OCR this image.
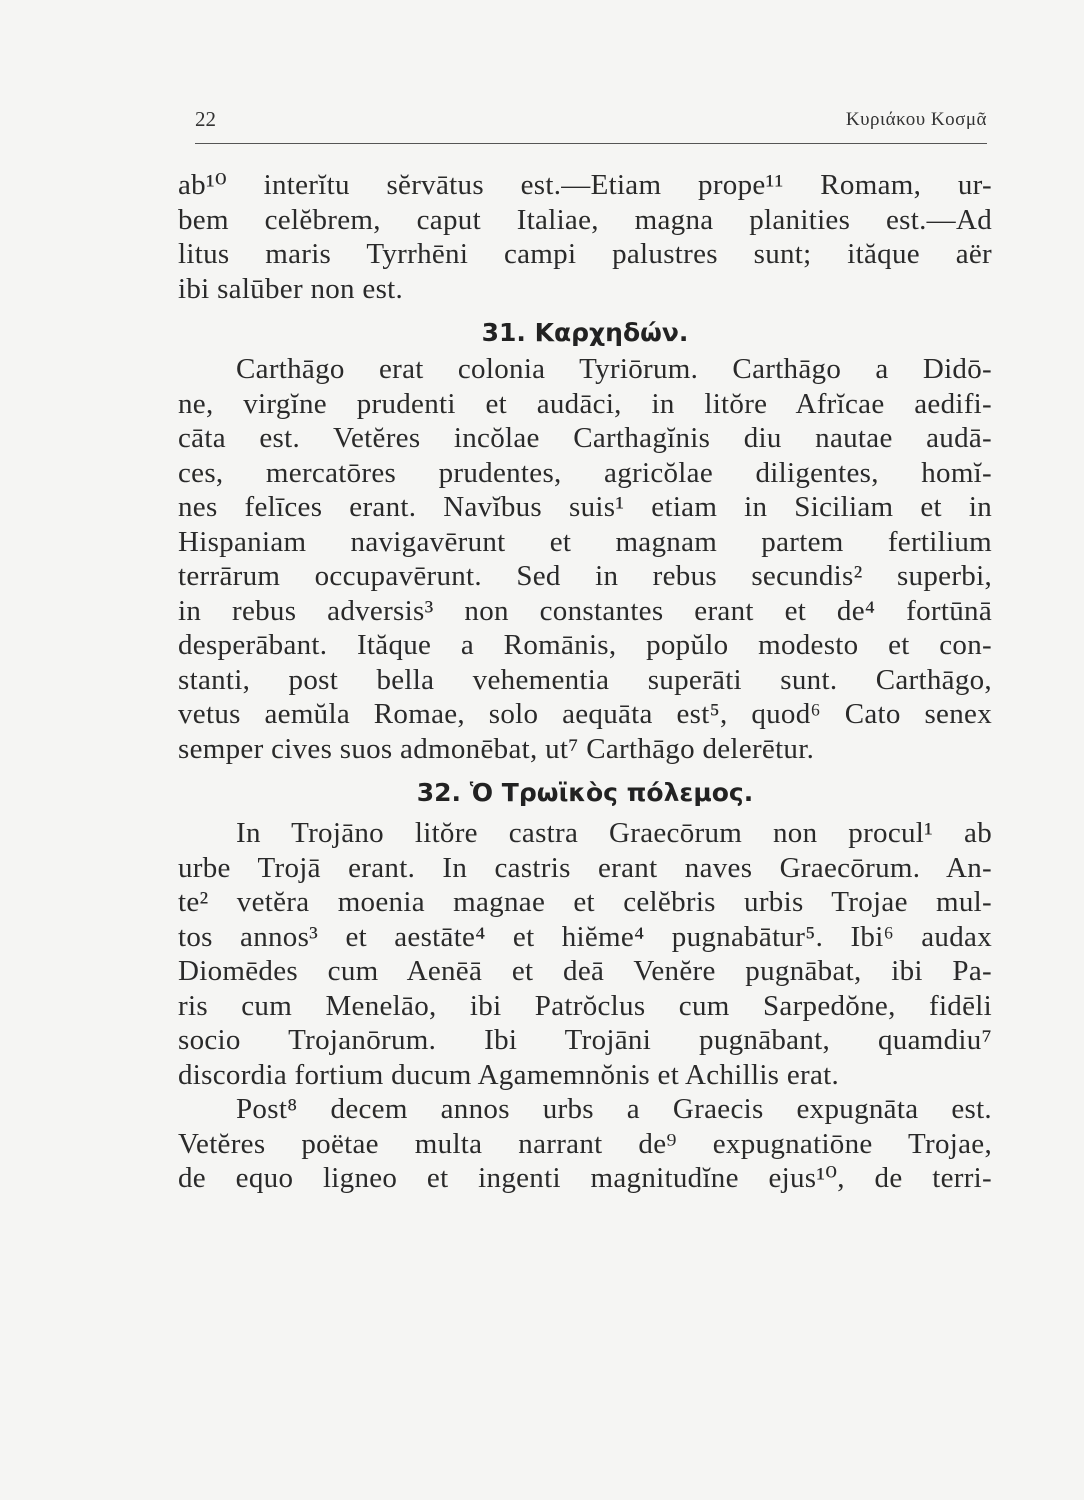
22	Κυριάκου Κοσμᾶ
ab¹⁰ interĭtu sĕrvātus est.—Etiam prope¹¹ Romam, ur-
bem celĕbrem, caput Italiae, magna planities est.—Ad
litus maris Tyrrhēni campi palustres sunt; ităque aër
ibi salūber non est.
31. Καρχηδών.
Carthāgo erat colonia Tyriōrum. Carthāgo a Didō-
ne, virgĭne prudenti et audāci, in litŏre Afrĭcae aedifi-
cāta est. Vetĕres incŏlae Carthagĭnis diu nautae audā-
ces, mercatōres prudentes, agricŏlae diligentes, homĭ-
nes felīces erant. Navĭbus suis¹ etiam in Siciliam et in
Hispaniam navigavērunt et magnam partem fertilium
terrārum occupavērunt. Sed in rebus secundis² superbi,
in rebus adversis³ non constantes erant et de⁴ fortūnā
desperābant. Ităque a Romānis, popŭlo modesto et con-
stanti, post bella vehementia superāti sunt. Carthāgo,
vetus aemŭla Romae, solo aequāta est⁵, quod⁶ Cato senex
semper cives suos admonēbat, ut⁷ Carthāgo delerētur.
32. Ὁ Τρωϊκὸς πόλεμος.
In Trojāno litŏre castra Graecōrum non procul¹ ab
urbe Trojā erant. In castris erant naves Graecōrum. An-
te² vetĕra moenia magnae et celĕbris urbis Trojae mul-
tos annos³ et aestāte⁴ et hiĕme⁴ pugnabātur⁵. Ibi⁶ audax
Diomēdes cum Aenēā et deā Venĕre pugnābat, ibi Pa-
ris cum Menelāo, ibi Patrŏclus cum Sarpedŏne, fidēli
socio Trojanōrum. Ibi Trojāni pugnābant, quamdiu⁷
discordia fortium ducum Agamemnŏnis et Achillis erat.
Post⁸ decem annos urbs a Graecis expugnāta est.
Vetĕres poëtae multa narrant de⁹ expugnatiōne Trojae,
de equo ligneo et ingenti magnitudĭne ejus¹⁰, de terri-
